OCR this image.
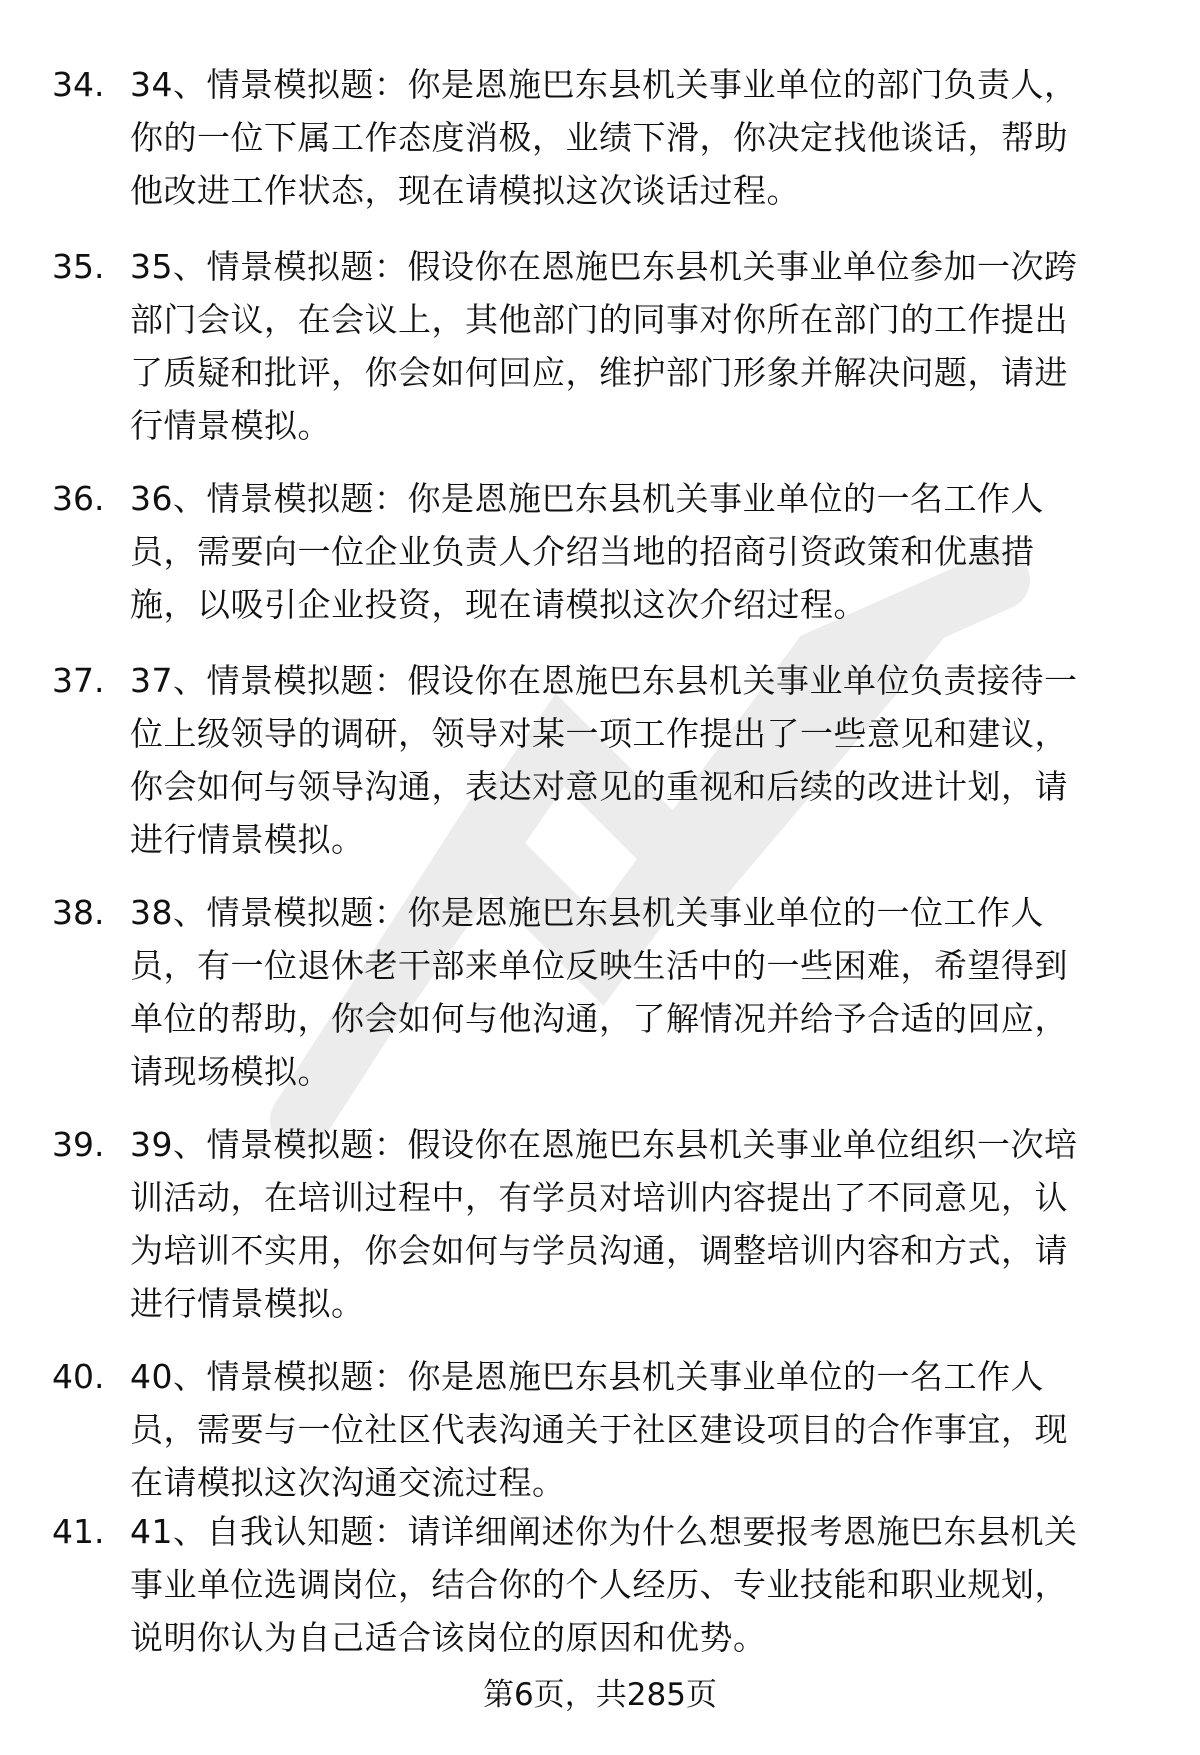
34. 34、情景模拟题：你是恩施巴东县机关事业单位的部门负责人，
你的一位下属工作态度消极，业绩下滑，你决定找他谈话，帮助
他改进工作状态，现在请模拟这次谈话过程。
35. 35、情景模拟题：假设你在恩施巴东县机关事业单位参加一次跨
部门会议，在会议上，其他部门的同事对你所在部门的工作提出
了质疑和批评，你会如何回应，维护部门形象并解决问题，请进
行情景模拟。
36. 36、情景模拟题：你是恩施巴东县机关事业单位的一名工作人
员，需要向一位企业负责人介绍当地的招商引资政策和优惠措
施，以吸引企业投资，现在请模拟这次介绍过程。
37. 37、情景模拟题：假设你在恩施巴东县机关事业单位负责接待一
位上级领导的调研，领导对某一项工作提出了一些意见和建议，
你会如何与领导沟通，表达对意见的重视和后续的改进计划，请
进行情景模拟。
38. 38、情景模拟题：你是恩施巴东县机关事业单位的一位工作人
员，有一位退休老干部来单位反映生活中的一些困难，希望得到
单位的帮助，你会如何与他沟通，了解情况并给予合适的回应，
请现场模拟。
39. 39、情景模拟题：假设你在恩施巴东县机关事业单位组织一次培
训活动，在培训过程中，有学员对培训内容提出了不同意见，认
为培训不实用，你会如何与学员沟通，调整培训内容和方式，请
进行情景模拟。
40. 40、情景模拟题：你是恩施巴东县机关事业单位的一名工作人
员，需要与一位社区代表沟通关于社区建设项目的合作事宜，现
在请模拟这次沟通交流过程。
41. 41、自我认知题：请详细阐述你为什么想要报考恩施巴东县机关
事业单位选调岗位，结合你的个人经历、专业技能和职业规划，
说明你认为自己适合该岗位的原因和优势。
第6页，共285页
